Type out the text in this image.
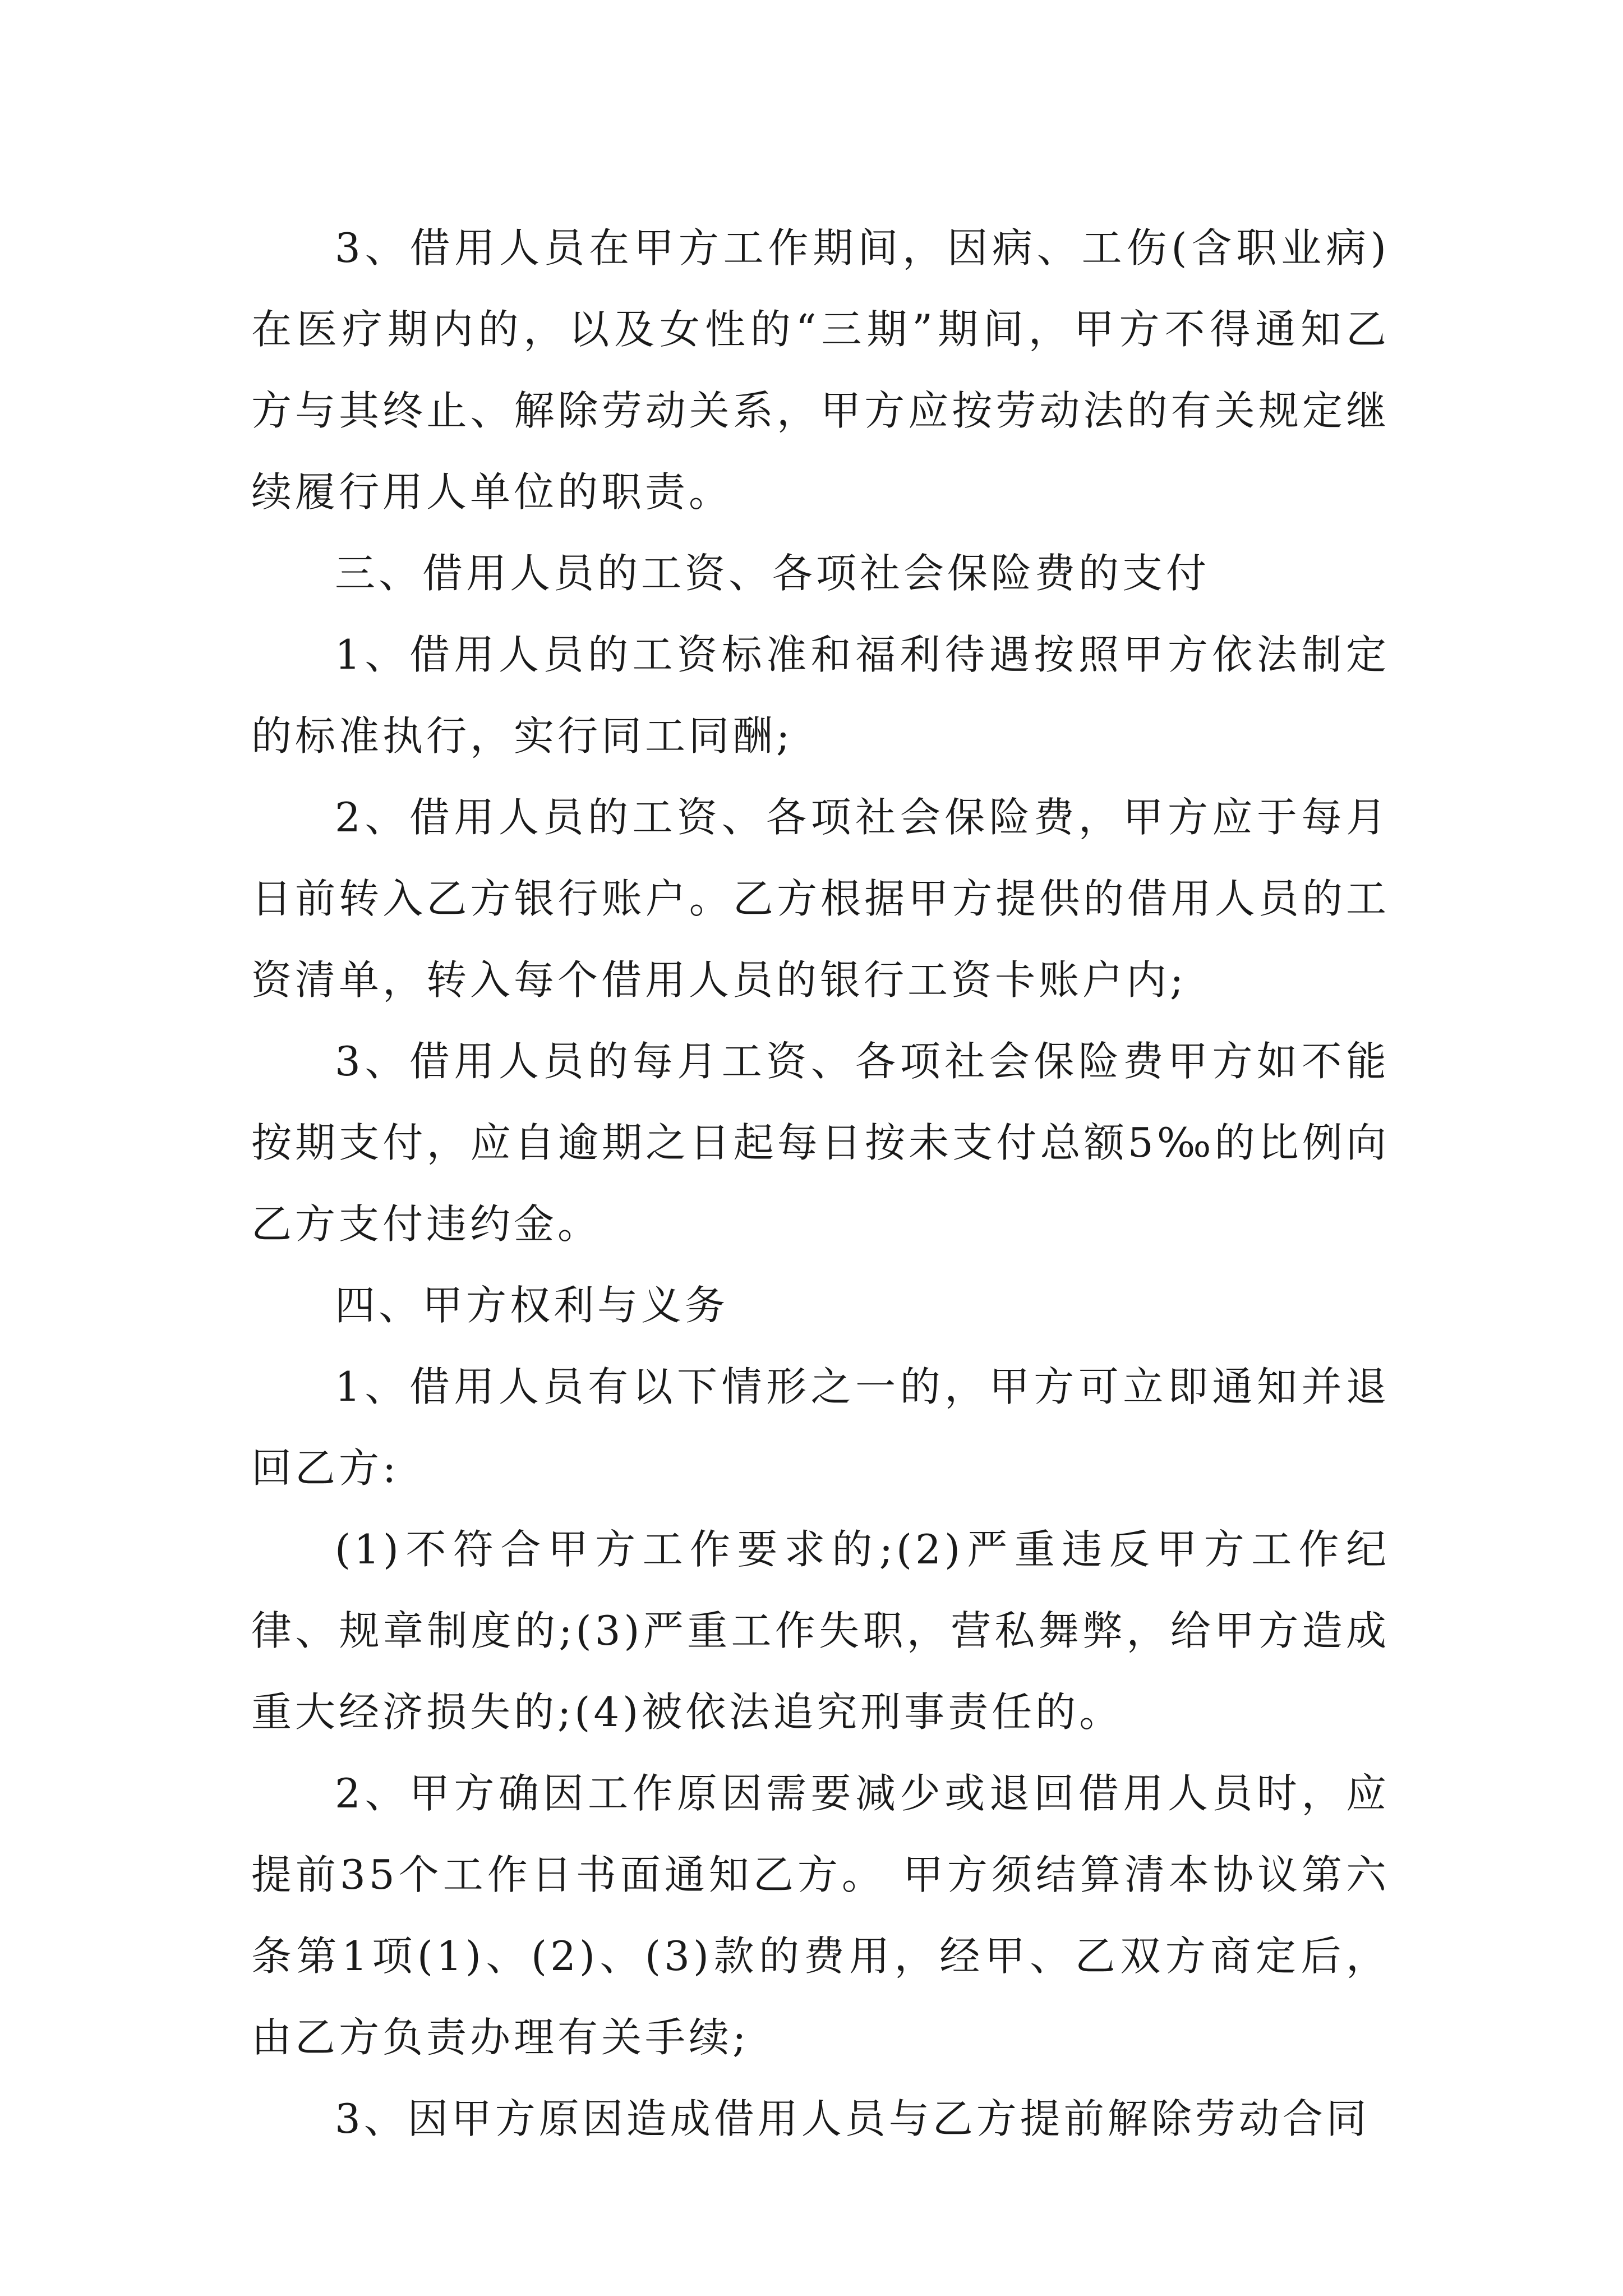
3、借用人员在甲方工作期间，因病、工伤(含职业病)在医疗期内的，以及女性的“三期”期间，甲方不得通知乙方与其终止、解除劳动关系，甲方应按劳动法的有关规定继续履行用人单位的职责。

三、借用人员的工资、各项社会保险费的支付

1、借用人员的工资标准和福利待遇按照甲方依法制定的标准执行，实行同工同酬;

2、借用人员的工资、各项社会保险费，甲方应于每月日前转入乙方银行账户。乙方根据甲方提供的借用人员的工资清单，转入每个借用人员的银行工资卡账户内;

3、借用人员的每月工资、各项社会保险费甲方如不能按期支付，应自逾期之日起每日按未支付总额5‰的比例向乙方支付违约金。

四、甲方权利与义务

1、借用人员有以下情形之一的，甲方可立即通知并退回乙方:

(1)不符合甲方工作要求的;(2)严重违反甲方工作纪律、规章制度的;(3)严重工作失职，营私舞弊，给甲方造成重大经济损失的;(4)被依法追究刑事责任的。

2、甲方确因工作原因需要减少或退回借用人员时，应提前35个工作日书面通知乙方。 甲方须结算清本协议第六条第1项(1)、(2)、(3)款的费用，经甲、乙双方商定后，由乙方负责办理有关手续;

3、因甲方原因造成借用人员与乙方提前解除劳动合同
